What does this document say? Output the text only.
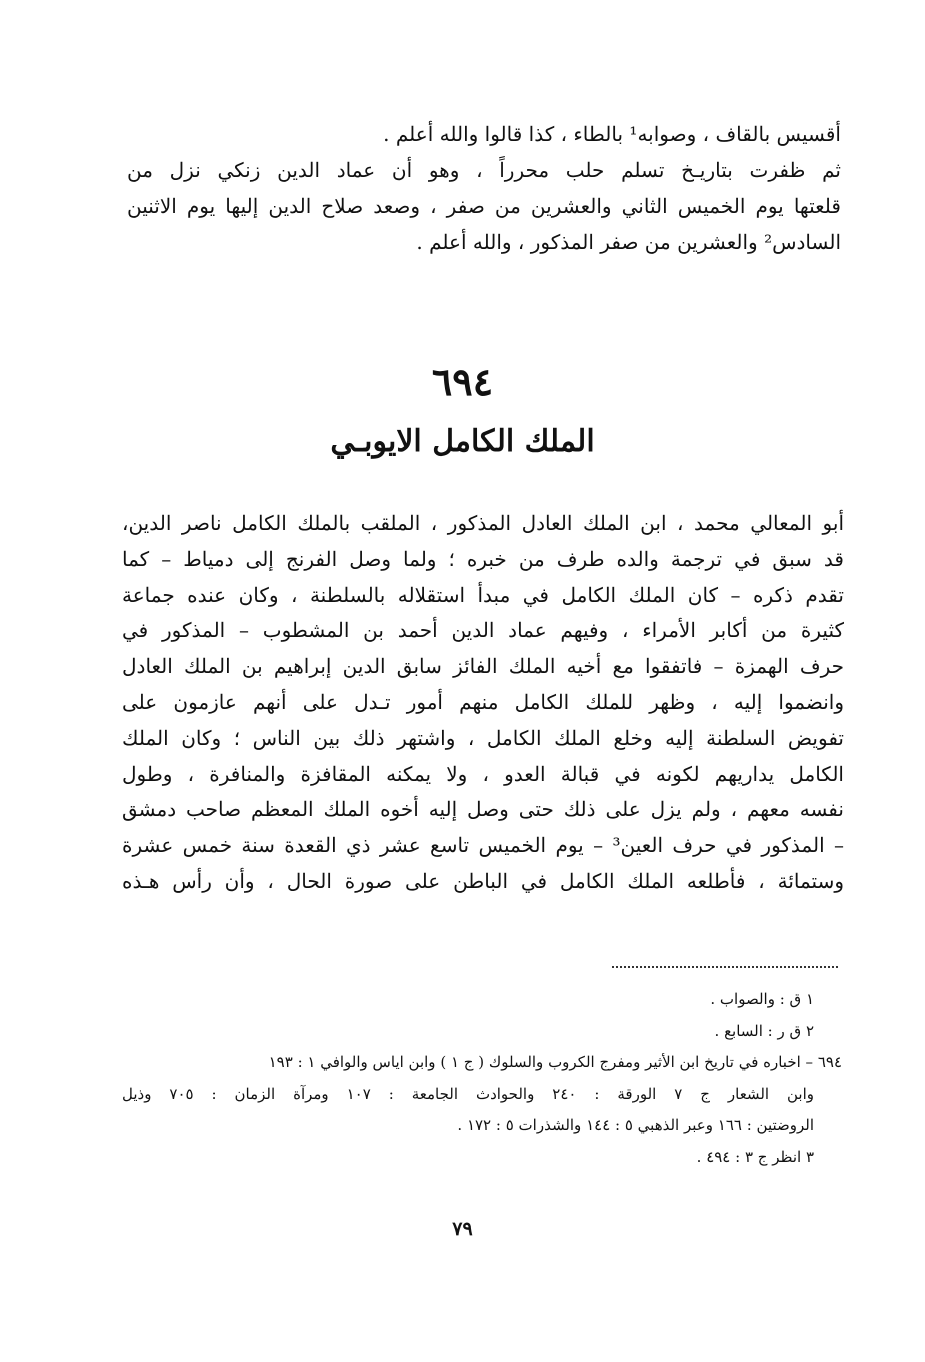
أقسيس بالقاف ، وصوابه¹ بالطاء ، كذا قالوا والله أعلم .
ثم ظفرت بتاريـخ تسلم حلب محرراً ، وهو أن عماد الدين زنكي نزل من
قلعتها يوم الخميس الثاني والعشرين من صفر ، وصعد صلاح الدين إليها يوم الاثنين
السادس² والعشرين من صفر المذكور ، والله أعلم .
٦٩٤
الملك الكامل الايوبـي
أبو المعالي محمد ، ابن الملك العادل المذكور ، الملقب بالملك الكامل ناصر الدين،
قد سبق في ترجمة والده طرف من خبره ؛ ولما وصل الفرنج إلى دمياط – كما
تقدم ذكره – كان الملك الكامل في مبدأ استقلاله بالسلطنة ، وكان عنده جماعة
كثيرة من أكابر الأمراء ، وفيهم عماد الدين أحمد بن المشطوب – المذكور في
حرف الهمزة – فاتفقوا مع أخيه الملك الفائز سابق الدين إبراهيم بن الملك العادل
وانضموا إليه ، وظهر للملك الكامل منهم أمور تـدل على أنهم عازمون على
تفويض السلطنة إليه وخلع الملك الكامل ، واشتهر ذلك بين الناس ؛ وكان الملك
الكامل يداريهم لكونه في قبالة العدو ، ولا يمكنه المقافزة والمنافرة ، وطول
نفسه معهم ، ولم يزل على ذلك حتى وصل إليه أخوه الملك المعظم صاحب دمشق
– المذكور في حرف العين³ – يوم الخميس تاسع عشر ذي القعدة سنة خمس عشرة
وستمائة ، فأطلعه الملك الكامل في الباطن على صورة الحال ، وأن رأس هـذه
١ ق : والصواب .
٢ ق ر : السابع .
٦٩٤ – اخباره في تاريخ ابن الأثير ومفرج الكروب والسلوك ( ج ١ ) وابن اياس والوافي ١ : ١٩٣
وابن الشعار ج ٧ الورقة : ٢٤٠ والحوادث الجامعة : ١٠٧ ومرآة الزمان : ٧٠٥ وذيل
الروضتين : ١٦٦ وعبر الذهبي ٥ : ١٤٤ والشذرات ٥ : ١٧٢ .
٣ انظر ج ٣ : ٤٩٤ .
٧٩
